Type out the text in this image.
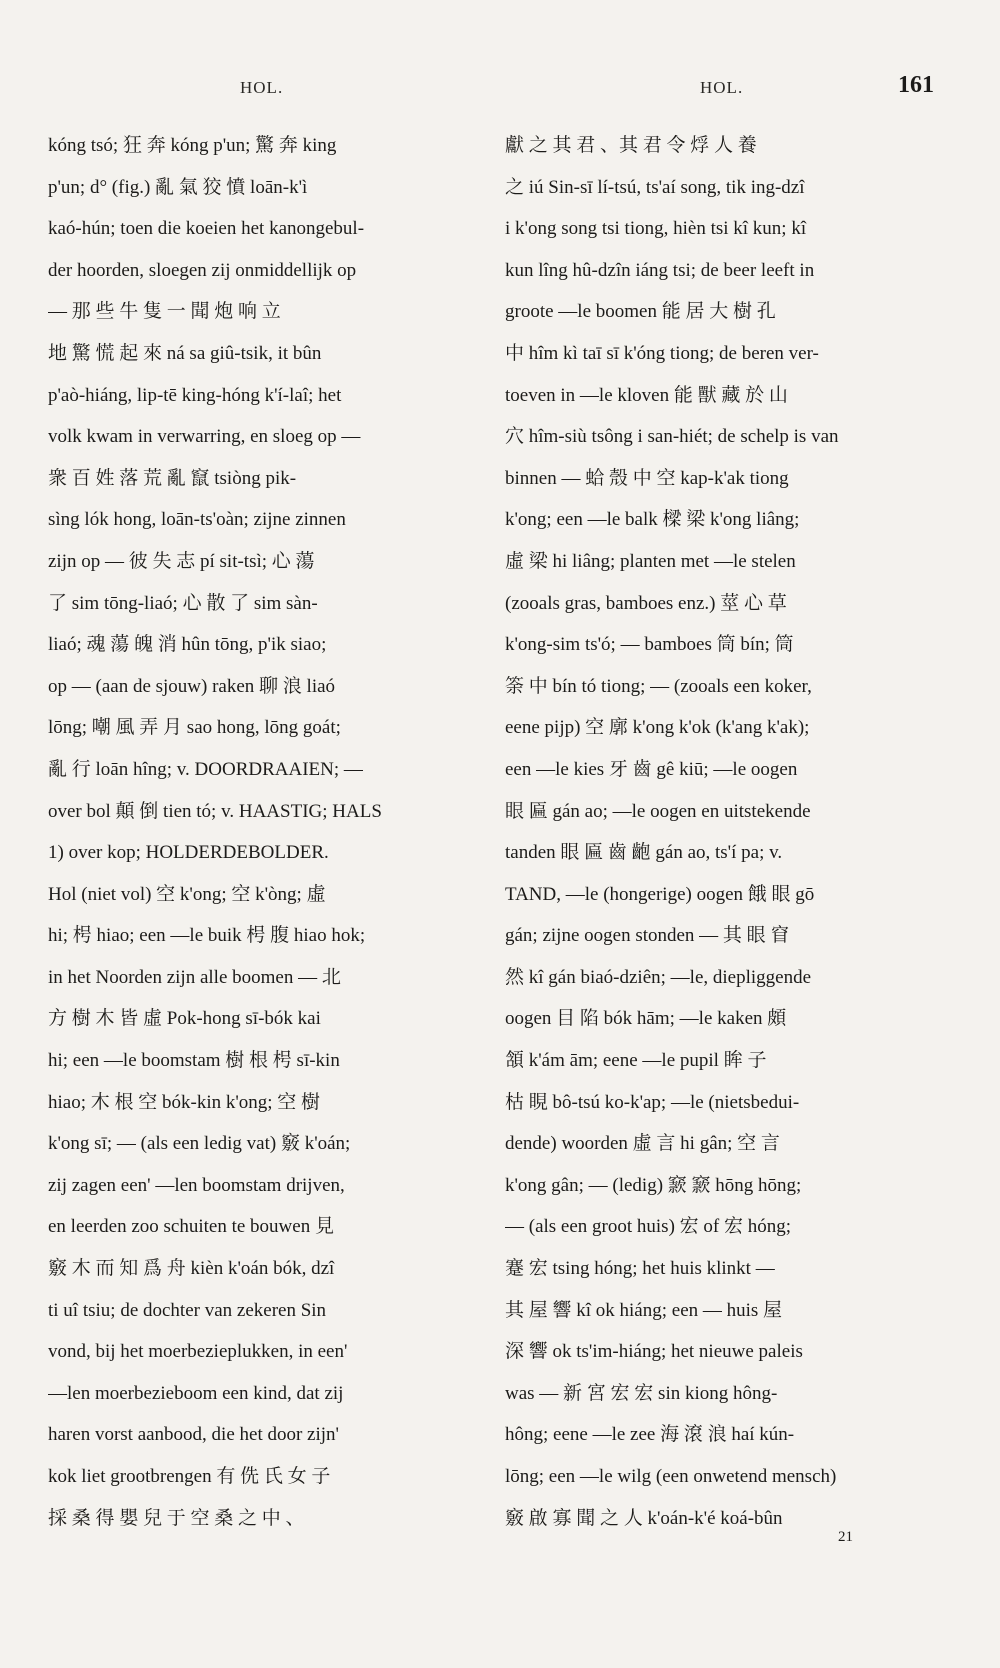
HOL.	HOL.	161
kóng tsó; 狂 奔 kóng p'un; 驚 奔 king
p'un; d° (fig.) 亂 氣 狡 憤 loān-k'ì
kaó-hún; toen die koeien het kanongebul-
der hoorden, sloegen zij onmiddellijk op
— 那 些 牛 隻 一 聞 炮 响 立
地 驚 慌 起 來 ná sa giû-tsik, it bûn
p'aò-hiáng, lip-tē king-hóng k'í-laî; het
volk kwam in verwarring, en sloeg op —
衆 百 姓 落 荒 亂 竄 tsiòng pik-
sìng lók hong, loān-ts'oàn; zijne zinnen
zijn op — 彼 失 志 pí sit-tsì; 心 蕩
了 sim tōng-liaó; 心 散 了 sim sàn-
liaó; 魂 蕩 魄 消 hûn tōng, p'ik siao;
op — (aan de sjouw) raken 聊 浪 liaó
lōng; 嘲 風 弄 月 sao hong, lōng goát;
亂 行 loān hîng; v. DOORDRAAIEN; —
over bol 顛 倒 tien tó; v. HAASTIG; HALS
1) over kop; HOLDERDEBOLDER.
Hol (niet vol) 空 k'ong; 空 k'òng; 虛
hi; 枵 hiao; een —le buik 枵 腹 hiao hok;
in het Noorden zijn alle boomen — 北
方 樹 木 皆 虛 Pok-hong sī-bók kai
hi; een —le boomstam 樹 根 枵 sī-kin
hiao; 木 根 空 bók-kin k'ong; 空 樹
k'ong sī; — (als een ledig vat) 竅 k'oán;
zij zagen een' —len boomstam drijven,
en leerden zoo schuiten te bouwen 見
竅 木 而 知 爲 舟 kièn k'oán bók, dzî
ti uî tsiu; de dochter van zekeren Sin
vond, bij het moerbezieplukken, in een'
—len moerbezieboom een kind, dat zij
haren vorst aanbood, die het door zijn'
kok liet grootbrengen 有 侁 氏 女 子
採 桑 得 嬰 兒 于 空 桑 之 中 、
獻 之 其 君 、其 君 令 烰 人 養
之 iú Sin-sī lí-tsú, ts'aí song, tik ing-dzî
i k'ong song tsi tiong, hièn tsi kî kun; kî
kun lîng hû-dzîn iáng tsi; de beer leeft in
groote —le boomen 能 居 大 樹 孔
中 hîm kì taī sī k'óng tiong; de beren ver-
toeven in —le kloven 能 獸 藏 於 山
穴 hîm-siù tsông i san-hiét; de schelp is van
binnen — 蛤 殼 中 空 kap-k'ak tiong
k'ong; een —le balk 樑 梁 k'ong liâng;
虛 梁 hi liâng; planten met —le stelen
(zooals gras, bamboes enz.) 莖 心 草
k'ong-sim ts'ó; — bamboes 筒 bín; 筒
筡 中 bín tó tiong; — (zooals een koker,
eene pijp) 空 廓 k'ong k'ok (k'ang k'ak);
een —le kies 牙 齒 gê kiū; —le oogen
眼 匾 gán ao; —le oogen en uitstekende
tanden 眼 匾 齒 齙 gán ao, ts'í pa; v.
TAND, —le (hongerige) oogen 餓 眼 gō
gán; zijne oogen stonden — 其 眼 窅
然 kî gán biaó-dziên; —le, diepliggende
oogen 目 陷 bók hām; —le kaken 頗
頷 k'ám ām; eene —le pupil 眸 子
枯 睍 bô-tsú ko-k'ap; —le (nietsbedui-
dende) woorden 虛 言 hi gân; 空 言
k'ong gân; — (ledig) 窾 窾 hōng hōng;
— (als een groot huis) 宏 of 宏 hóng;
蹇 宏 tsing hóng; het huis klinkt —
其 屋 響 kî ok hiáng; een — huis 屋
深 響 ok ts'im-hiáng; het nieuwe paleis
was — 新 宮 宏 宏 sin kiong hông-
hông; eene —le zee 海 滾 浪 haí kún-
lōng; een —le wilg (een onwetend mensch)
竅 啟 寡 聞 之 人 k'oán-k'é koá-bûn
21
